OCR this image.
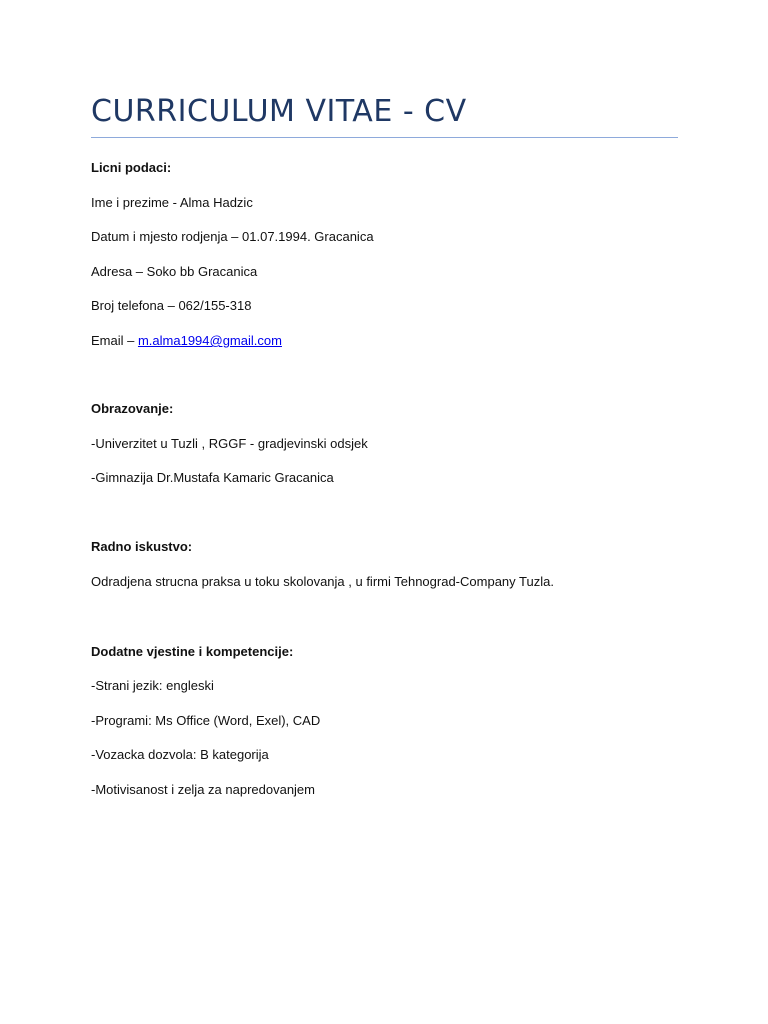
CURRICULUM VITAE - CV

Licni podaci:

Ime i prezime - Alma Hadzic

Datum i mjesto rodjenja – 01.07.1994. Gracanica

Adresa – Soko bb Gracanica

Broj telefona – 062/155-318

Email – m.alma1994@gmail.com

Obrazovanje:

-Univerzitet u Tuzli , RGGF - gradjevinski odsjek

-Gimnazija Dr.Mustafa Kamaric Gracanica

Radno iskustvo:

Odradjena strucna praksa u toku skolovanja , u firmi Tehnograd-Company Tuzla.

Dodatne vjestine i kompetencije:

-Strani jezik: engleski

-Programi: Ms Office (Word, Exel), CAD

-Vozacka dozvola: B kategorija

-Motivisanost i zelja za napredovanjem
